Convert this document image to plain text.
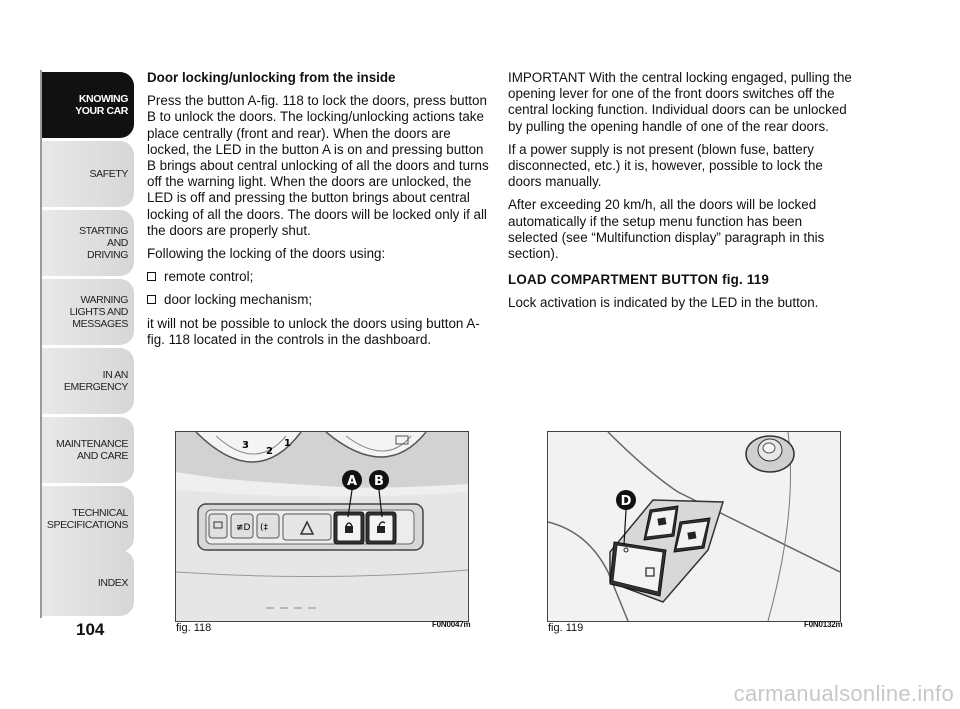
KNOWING
YOUR CAR
SAFETY
STARTING
AND
DRIVING
WARNING
LIGHTS AND
MESSAGES
IN AN
EMERGENCY
MAINTENANCE
AND CARE
TECHNICAL
SPECIFICATIONS
INDEX
104

Door locking/unlocking from the inside

Press the button A-fig. 118 to lock the doors, press button B to unlock the doors. The locking/unlocking actions take place centrally (front and rear). When the doors are locked, the LED in the button A is on and pressing button B brings about central unlocking of all the doors and turns off the warning light. When the doors are unlocked, the LED is off and pressing the button brings about central locking of all the doors. The doors will be locked only if all the doors are properly shut.

Following the locking of the doors using:

remote control;
door locking mechanism;

it will not be possible to unlock the doors using button A-fig. 118 located in the controls in the dashboard.

IMPORTANT With the central locking engaged, pulling the opening lever for one of the front doors switches off the central locking function. Individual doors can be unlocked by pulling the opening handle of one of the rear doors.

If a power supply is not present (blown fuse, battery disconnected, etc.) it is, however, possible to lock the doors manually.

After exceeding 20 km/h, all the doors will be locked automatically if the setup menu function has been selected (see “Multifunction display” paragraph in this section).

LOAD COMPARTMENT BUTTON fig. 119

Lock activation is indicated by the LED in the button.

3
2
1
≢D (‡
A B
fig. 118	F0N0047m
D
fig. 119	F0N0132m
carmanualsonline.info
